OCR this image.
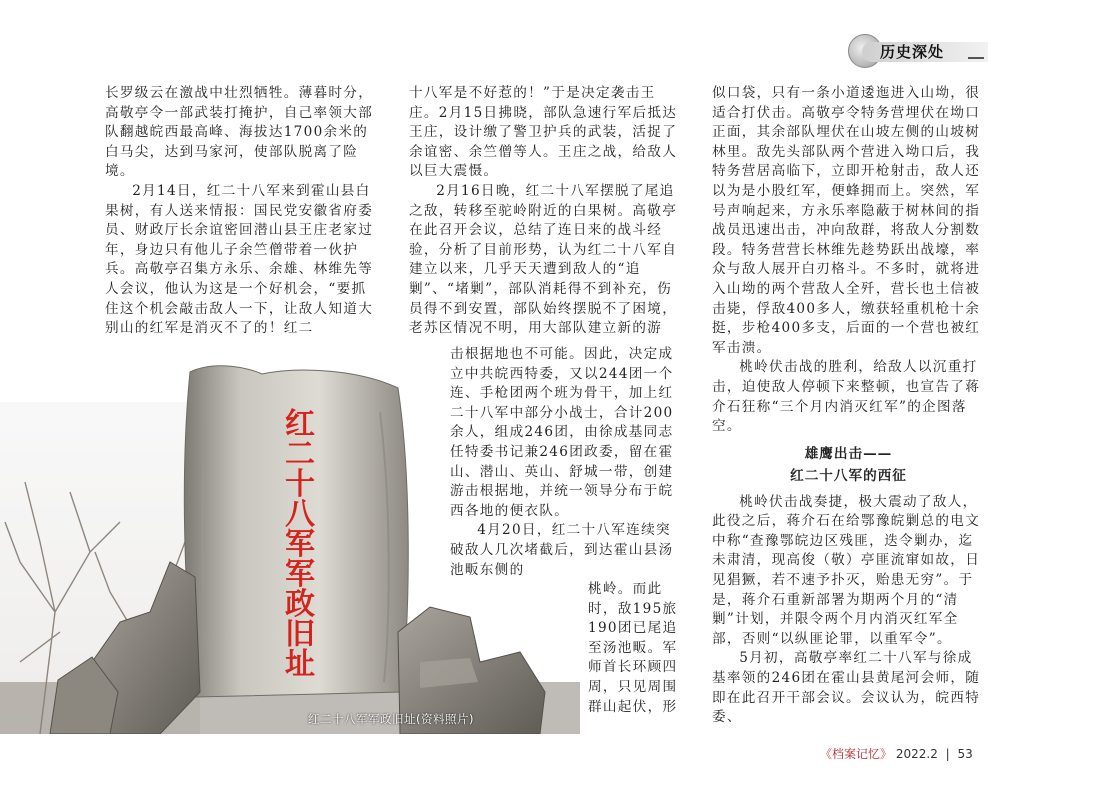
历史深处

长罗级云在激战中壮烈牺牲。薄暮时分，高敬亭令一部武装打掩护，自己率领大部队翻越皖西最高峰、海拔达1700余米的白马尖，达到马家河，使部队脱离了险境。

2月14日，红二十八军来到霍山县白果树，有人送来情报：国民党安徽省府委员、财政厅长余谊密回潜山县王庄老家过年，身边只有他儿子余竺僧带着一伙护兵。高敬亭召集方永乐、余雄、林维先等人会议，他认为这是一个好机会，“要抓住这个机会敲击敌人一下，让敌人知道大别山的红军是消灭不了的！红二

十八军是不好惹的！”于是决定袭击王庄。2月15日拂晓，部队急速行军后抵达王庄，设计缴了警卫护兵的武装，活捉了余谊密、余竺僧等人。王庄之战，给敌人以巨大震慑。

2月16日晚，红二十八军摆脱了尾追之敌，转移至驼岭附近的白果树。高敬亭在此召开会议，总结了连日来的战斗经验，分析了目前形势，认为红二十八军自建立以来，几乎天天遭到敌人的“追剿”、“堵剿”，部队消耗得不到补充，伤员得不到安置，部队始终摆脱不了困境，老苏区情况不明，用大部队建立新的游

击根据地也不可能。因此，决定成立中共皖西特委，又以244团一个连、手枪团两个班为骨干，加上红二十八军中部分小战士，合计200余人，组成246团，由徐成基同志任特委书记兼246团政委，留在霍山、潜山、英山、舒城一带，创建游击根据地，并统一领导分布于皖西各地的便衣队。

4月20日，红二十八军连续突破敌人几次堵截后，到达霍山县汤池畈东侧的

桃岭。而此时，敌195旅190团已尾追至汤池畈。军师首长环顾四周，只见周围群山起伏，形

似口袋，只有一条小道逶迤进入山坳，很适合打伏击。高敬亭令特务营埋伏在坳口正面，其余部队埋伏在山坡左侧的山坡树林里。敌先头部队两个营进入坳口后，我特务营居高临下，立即开枪射击，敌人还以为是小股红军，便蜂拥而上。突然，军号声响起来，方永乐率隐蔽于树林间的指战员迅速出击，冲向敌群，将敌人分割数段。特务营营长林维先趁势跃出战壕，率众与敌人展开白刃格斗。不多时，就将进入山坳的两个营敌人全歼，营长也土信被击毙，俘敌400多人，缴获轻重机枪十余挺，步枪400多支，后面的一个营也被红军击溃。

桃岭伏击战的胜利，给敌人以沉重打击，迫使敌人停顿下来整顿，也宣告了蒋介石狂称“三个月内消灭红军”的企图落空。

雄鹰出击——
红二十八军的西征

桃岭伏击战奏捷，极大震动了敌人，此役之后，蒋介石在给鄂豫皖剿总的电文中称“查豫鄂皖边区残匪，迭令剿办，迄未肃清，现高俊（敬）亭匪流窜如故，日见猖獗，若不速予扑灭，贻患无穷”。于是，蒋介石重新部署为期两个月的“清剿”计划，并限令两个月内消灭红军全部，否则“以纵匪论罪，以重军令”。

5月初，高敬亭率红二十八军与徐成基率领的246团在霍山县黄尾河会师，随即在此召开干部会议。会议认为，皖西特委、

红
二
十
八
军
军
政
旧
址
红二十八军军政旧址(资料照片)
《档案记忆》 2022.2 | 53
